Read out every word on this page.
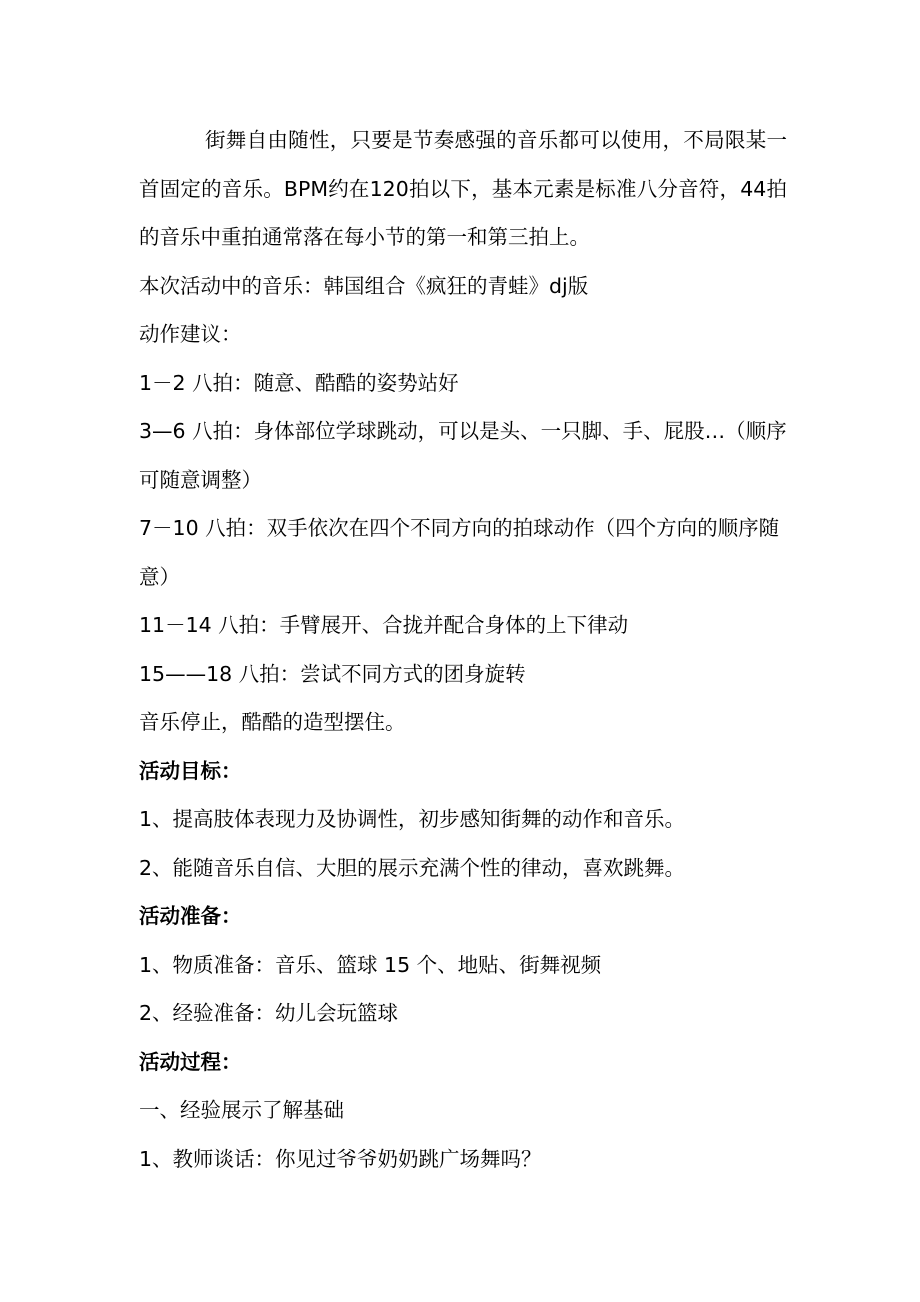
街舞自由随性，只要是节奏感强的音乐都可以使用，不局限某一首固定的音乐。BPM约在120拍以下，基本元素是标准八分音符，44拍的音乐中重拍通常落在每小节的第一和第三拍上。

本次活动中的音乐：韩国组合《疯狂的青蛙》dj版

动作建议：

1－2 八拍：随意、酷酷的姿势站好

3—6 八拍：身体部位学球跳动，可以是头、一只脚、手、屁股…（顺序可随意调整）

7－10 八拍：双手依次在四个不同方向的拍球动作（四个方向的顺序随意）

11－14 八拍：手臂展开、合拢并配合身体的上下律动

15——18 八拍：尝试不同方式的团身旋转

音乐停止，酷酷的造型摆住。

活动目标：

1、提高肢体表现力及协调性，初步感知街舞的动作和音乐。

2、能随音乐自信、大胆的展示充满个性的律动，喜欢跳舞。

活动准备：

1、物质准备：音乐、篮球 15 个、地贴、街舞视频

2、经验准备：幼儿会玩篮球

活动过程：

一、经验展示了解基础

1、教师谈话：你见过爷爷奶奶跳广场舞吗？
